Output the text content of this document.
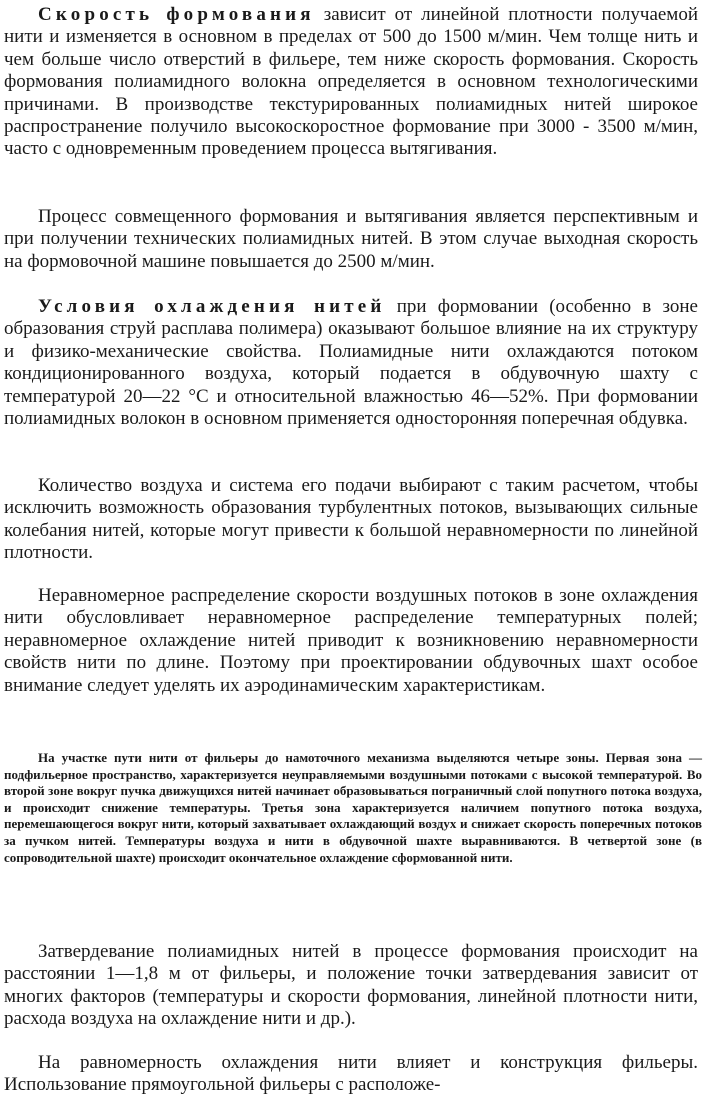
Скорость формования зависит от линейной плотности получаемой нити и изменяется в основном в пределах от 500 до 1500 м/мин. Чем толще нить и чем больше число отверстий в фильере, тем ниже скорость формования. Скорость формования полиамидного волокна определяется в основном технологическими причинами. В производстве текстурированных полиамидных нитей широкое распространение получило высокоскоростное формование при 3000 - 3500 м/мин, часто с одновременным проведением процесса вытягивания.

Процесс совмещенного формования и вытягивания является перспективным и при получении технических полиамидных нитей. В этом случае выходная скорость на формовочной машине повышается до 2500 м/мин.

Условия охлаждения нитей при формовании (особенно в зоне образования струй расплава полимера) оказывают большое влияние на их структуру и физико-механические свойства. Полиамидные нити охлаждаются потоком кондиционированного воздуха, который подается в обдувочную шахту с температурой 20—22 °С и относительной влажностью 46—52%. При формовании полиамидных волокон в основном применяется односторонняя поперечная обдувка.

Количество воздуха и система его подачи выбирают с таким расчетом, чтобы исключить возможность образования турбулентных потоков, вызывающих сильные колебания нитей, которые могут привести к большой неравномерности по линейной плотности.

Неравномерное распределение скорости воздушных потоков в зоне охлаждения нити обусловливает неравномерное распределение температурных полей; неравномерное охлаждение нитей приводит к возникновению неравномерности свойств нити по длине. Поэтому при проектировании обдувочных шахт особое внимание следует уделять их аэродинамическим характеристикам.

На участке пути нити от фильеры до намоточного механизма выделяются четыре зоны. Первая зона — подфильерное пространство, характеризуется неуправляемыми воздушными потоками с высокой температурой. Во второй зоне вокруг пучка движущихся нитей начинает образовываться пограничный слой попутного потока воздуха, и происходит снижение температуры. Третья зона характеризуется наличием попутного потока воздуха, перемешающегося вокруг нити, который захватывает охлаждающий воздух и снижает скорость поперечных потоков за пучком нитей. Температуры воздуха и нити в обдувочной шахте выравниваются. В четвертой зоне (в сопроводительной шахте) происходит окончательное охлаждение сформованной нити.

Затвердевание полиамидных нитей в процессе формования происходит на расстоянии 1—1,8 м от фильеры, и положение точки затвердевания зависит от многих факторов (температуры и скорости формования, линейной плотности нити, расхода воздуха на охлаждение нити и др.).

На равномерность охлаждения нити влияет и конструкция фильеры. Использование прямоугольной фильеры с расположе-
